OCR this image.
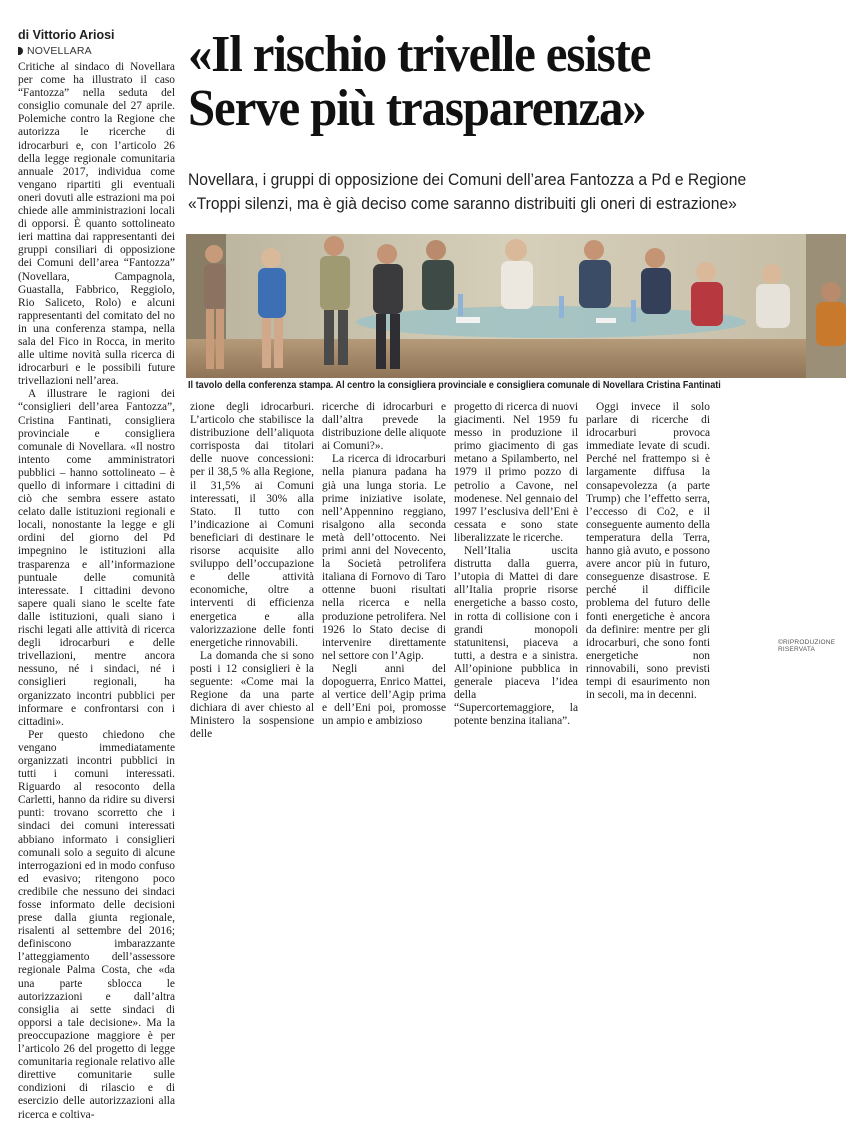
di Vittorio Ariosi
NOVELLARA

Critiche al sindaco di Novellara per come ha illustrato il caso “Fantozza” nella seduta del consiglio comunale del 27 aprile. Polemiche contro la Regione che autorizza le ricerche di idrocarburi e, con l’articolo 26 della legge regionale comunitaria annuale 2017, individua come vengano ripartiti gli eventuali oneri dovuti alle estrazioni ma poi chiede alle amministrazioni locali di opporsi. È quanto sottolineato ieri mattina dai rappresentanti dei gruppi consiliari di opposizione dei Comuni dell’area “Fantozza” (Novellara, Campagnola, Guastalla, Fabbrico, Reggiolo, Rio Saliceto, Rolo) e alcuni rappresentanti del comitato del no in una conferenza stampa, nella sala del Fico in Rocca, in merito alle ultime novità sulla ricerca di idrocarburi e le possibili future trivellazioni nell’area.

A illustrare le ragioni dei “consiglieri dell’area Fantozza”, Cristina Fantinati, consigliera provinciale e consigliera comunale di Novellara. «Il nostro intento come amministratori pubblici – hanno sottolineato – è quello di informare i cittadini di ciò che sembra essere astato celato dalle istituzioni regionali e locali, nonostante la legge e gli ordini del giorno del Pd impegnino le istituzioni alla trasparenza e all’informazione puntuale delle comunità interessate. I cittadini devono sapere quali siano le scelte fate dalle istituzioni, quali siano i rischi legati alle attività di ricerca degli idrocarburi e delle trivellazioni, mentre ancora nessuno, né i sindaci, né i consiglieri regionali, ha organizzato incontri pubblici per informare e confrontarsi con i cittadini».

Per questo chiedono che vengano immediatamente organizzati incontri pubblici in tutti i comuni interessati. Riguardo al resoconto della Carletti, hanno da ridire su diversi punti: trovano scorretto che i sindaci dei comuni interessati abbiano informato i consiglieri comunali solo a seguito di alcune interrogazioni ed in modo confuso ed evasivo; ritengono poco credibile che nessuno dei sindaci fosse informato delle decisioni prese dalla giunta regionale, risalenti al settembre del 2016; definiscono imbarazzante l’atteggiamento dell’assessore regionale Palma Costa, che «da una parte sblocca le autorizzazioni e dall’altra consiglia ai sette sindaci di opporsi a tale decisione». Ma la preoccupazione maggiore è per l’articolo 26 del progetto di legge comunitaria regionale relativo alle direttive comunitarie sulle condizioni di rilascio e di esercizio delle autorizzazioni alla ricerca e coltiva-

«Il rischio trivelle esiste
Serve più trasparenza»
Novellara, i gruppi di opposizione dei Comuni dell’area Fantozza a Pd e Regione
«Troppi silenzi, ma è già deciso come saranno distribuiti gli oneri di estrazione»
Il tavolo della conferenza stampa. Al centro la consigliera provinciale e consigliera comunale di Novellara Cristina Fantinati

zione degli idrocarburi. L’articolo che stabilisce la distribuzione dell’aliquota corrisposta dai titolari delle nuove concessioni: per il 38,5 % alla Regione, il 31,5% ai Comuni interessati, il 30% alla Stato. Il tutto con l’indicazione ai Comuni beneficiari di destinare le risorse acquisite allo sviluppo dell’occupazione e delle attività economiche, oltre a interventi di efficienza energetica e alla valorizzazione delle fonti energetiche rinnovabili.

La domanda che si sono posti i 12 consiglieri è la seguente: «Come mai la Regione da una parte dichiara di aver chiesto al Ministero la sospensione delle

ricerche di idrocarburi e dall’altra prevede la distribuzione delle aliquote ai Comuni?».

La ricerca di idrocarburi nella pianura padana ha già una lunga storia. Le prime iniziative isolate, nell’Appennino reggiano, risalgono alla seconda metà dell’ottocento. Nei primi anni del Novecento, la Società petrolifera italiana di Fornovo di Taro ottenne buoni risultati nella ricerca e nella produzione petrolifera. Nel 1926 lo Stato decise di intervenire direttamente nel settore con l’Agip.

Negli anni del dopoguerra, Enrico Mattei, al vertice dell’Agip prima e dell’Eni poi, promosse un ampio e ambizioso

progetto di ricerca di nuovi giacimenti. Nel 1959 fu messo in produzione il primo giacimento di gas metano a Spilamberto, nel 1979 il primo pozzo di petrolio a Cavone, nel modenese. Nel gennaio del 1997 l’esclusiva dell’Eni è cessata e sono state liberalizzate le ricerche.

Nell’Italia uscita distrutta dalla guerra, l’utopia di Mattei di dare all’Italia proprie risorse energetiche a basso costo, in rotta di collisione con i grandi monopoli statunitensi, piaceva a tutti, a destra e a sinistra. All’opinione pubblica in generale piaceva l’idea della “Supercortemaggiore, la potente benzina italiana”.

Oggi invece il solo parlare di ricerche di idrocarburi provoca immediate levate di scudi. Perché nel frattempo si è largamente diffusa la consapevolezza (a parte Trump) che l’effetto serra, l’eccesso di Co2, e il conseguente aumento della temperatura della Terra, hanno già avuto, e possono avere ancor più in futuro, conseguenze disastrose. E perché il difficile problema del futuro delle fonti energetiche è ancora da definire: mentre per gli idrocarburi, che sono fonti energetiche non rinnovabili, sono previsti tempi di esaurimento non in secoli, ma in decenni.

©RIPRODUZIONE RISERVATA
